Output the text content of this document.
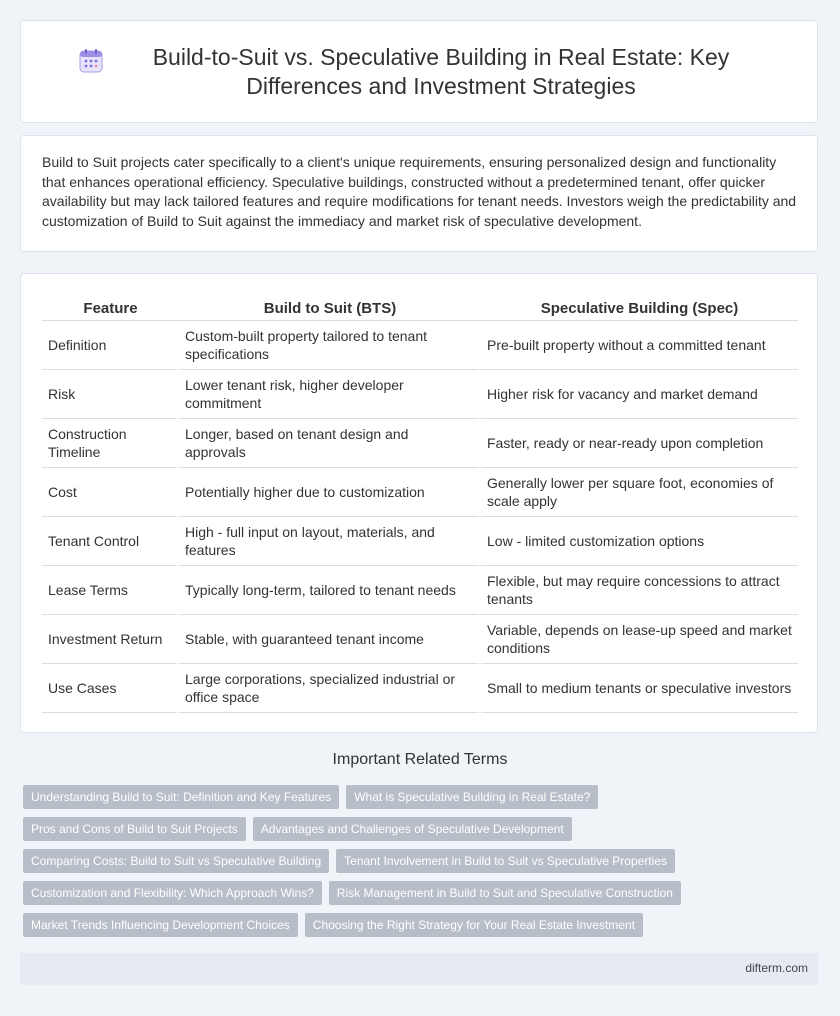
Build-to-Suit vs. Speculative Building in Real Estate: Key Differences and Investment Strategies

Build to Suit projects cater specifically to a client's unique requirements, ensuring personalized design and functionality that enhances operational efficiency. Speculative buildings, constructed without a predetermined tenant, offer quicker availability but may lack tailored features and require modifications for tenant needs. Investors weigh the predictability and customization of Build to Suit against the immediacy and market risk of speculative development.

Feature	Build to Suit (BTS)	Speculative Building (Spec)
Definition	Custom-built property tailored to tenant specifications	Pre-built property without a committed tenant
Risk	Lower tenant risk, higher developer commitment	Higher risk for vacancy and market demand
Construction Timeline	Longer, based on tenant design and approvals	Faster, ready or near-ready upon completion
Cost	Potentially higher due to customization	Generally lower per square foot, economies of scale apply
Tenant Control	High - full input on layout, materials, and features	Low - limited customization options
Lease Terms	Typically long-term, tailored to tenant needs	Flexible, but may require concessions to attract tenants
Investment Return	Stable, with guaranteed tenant income	Variable, depends on lease-up speed and market conditions
Use Cases	Large corporations, specialized industrial or office space	Small to medium tenants or speculative investors
Important Related Terms
Understanding Build to Suit: Definition and Key Features	What is Speculative Building in Real Estate?
Pros and Cons of Build to Suit Projects	Advantages and Challenges of Speculative Development
Comparing Costs: Build to Suit vs Speculative Building	Tenant Involvement in Build to Suit vs Speculative Properties
Customization and Flexibility: Which Approach Wins?	Risk Management in Build to Suit and Speculative Construction
Market Trends Influencing Development Choices	Choosing the Right Strategy for Your Real Estate Investment
difterm.com
